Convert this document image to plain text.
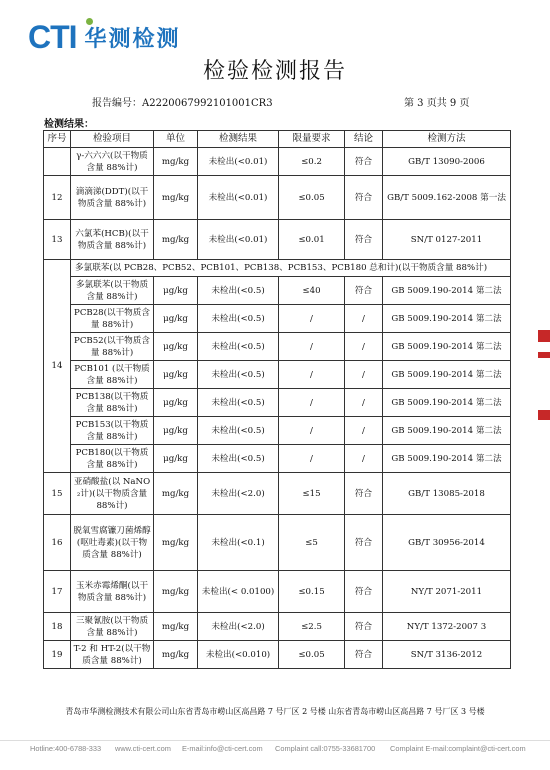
CTI 华测检测
检验检测报告
报告编号：A2220067992101001CR3	第 3 页共 9 页
检测结果：
序号	检验项目	单位	检测结果	限量要求	结论	检测方法
	γ-六六六(以干物质含量 88%计)	mg/kg	未检出(<0.01)	≤0.2	符合	GB/T 13090-2006
12	滴滴涕(DDT)(以干物质含量 88%计)	mg/kg	未检出(<0.01)	≤0.05	符合	GB/T 5009.162-2008 第一法
13	六氯苯(HCB)(以干物质含量 88%计)	mg/kg	未检出(<0.01)	≤0.01	符合	SN/T 0127-2011
14	多氯联苯(以 PCB28、PCB52、PCB101、PCB138、PCB153、PCB180 总和计)(以干物质含量 88%计)					
	多氯联苯(以干物质含量 88%计)	μg/kg	未检出(<0.5)	≤40	符合	GB 5009.190-2014 第二法
	PCB28(以干物质含量 88%计)	μg/kg	未检出(<0.5)	/	/	GB 5009.190-2014 第二法
	PCB52(以干物质含量 88%计)	μg/kg	未检出(<0.5)	/	/	GB 5009.190-2014 第二法
	PCB101 (以干物质含量 88%计)	μg/kg	未检出(<0.5)	/	/	GB 5009.190-2014 第二法
	PCB138(以干物质含量 88%计)	μg/kg	未检出(<0.5)	/	/	GB 5009.190-2014 第二法
	PCB153(以干物质含量 88%计)	μg/kg	未检出(<0.5)	/	/	GB 5009.190-2014 第二法
	PCB180(以干物质含量 88%计)	μg/kg	未检出(<0.5)	/	/	GB 5009.190-2014 第二法
15	亚硝酸盐(以 NaNO₂计)(以干物质含量 88%计)	mg/kg	未检出(<2.0)	≤15	符合	GB/T 13085-2018
16	脱氧雪腐镰刀菌烯醇(呕吐毒素)(以干物质含量 88%计)	mg/kg	未检出(<0.1)	≤5	符合	GB/T 30956-2014
17	玉米赤霉烯酮(以干物质含量 88%计)	mg/kg	未检出(< 0.0100)	≤0.15	符合	NY/T 2071-2011
18	三聚氰胺(以干物质含量 88%计)	mg/kg	未检出(<2.0)	≤2.5	符合	NY/T 1372-2007 3
19	T-2 和 HT-2(以干物质含量 88%计)	mg/kg	未检出(<0.010)	≤0.05	符合	SN/T 3136-2012
青岛市华测检测技术有限公司山东省青岛市崂山区高昌路 7 号厂区 2 号楼 山东省青岛市崂山区高昌路 7 号厂区 3 号楼
Hotline:400-6788-333 www.cti-cert.com E-mail:info@cti-cert.com Complaint call:0755-33681700 Complaint E-mail:complaint@cti-cert.com
